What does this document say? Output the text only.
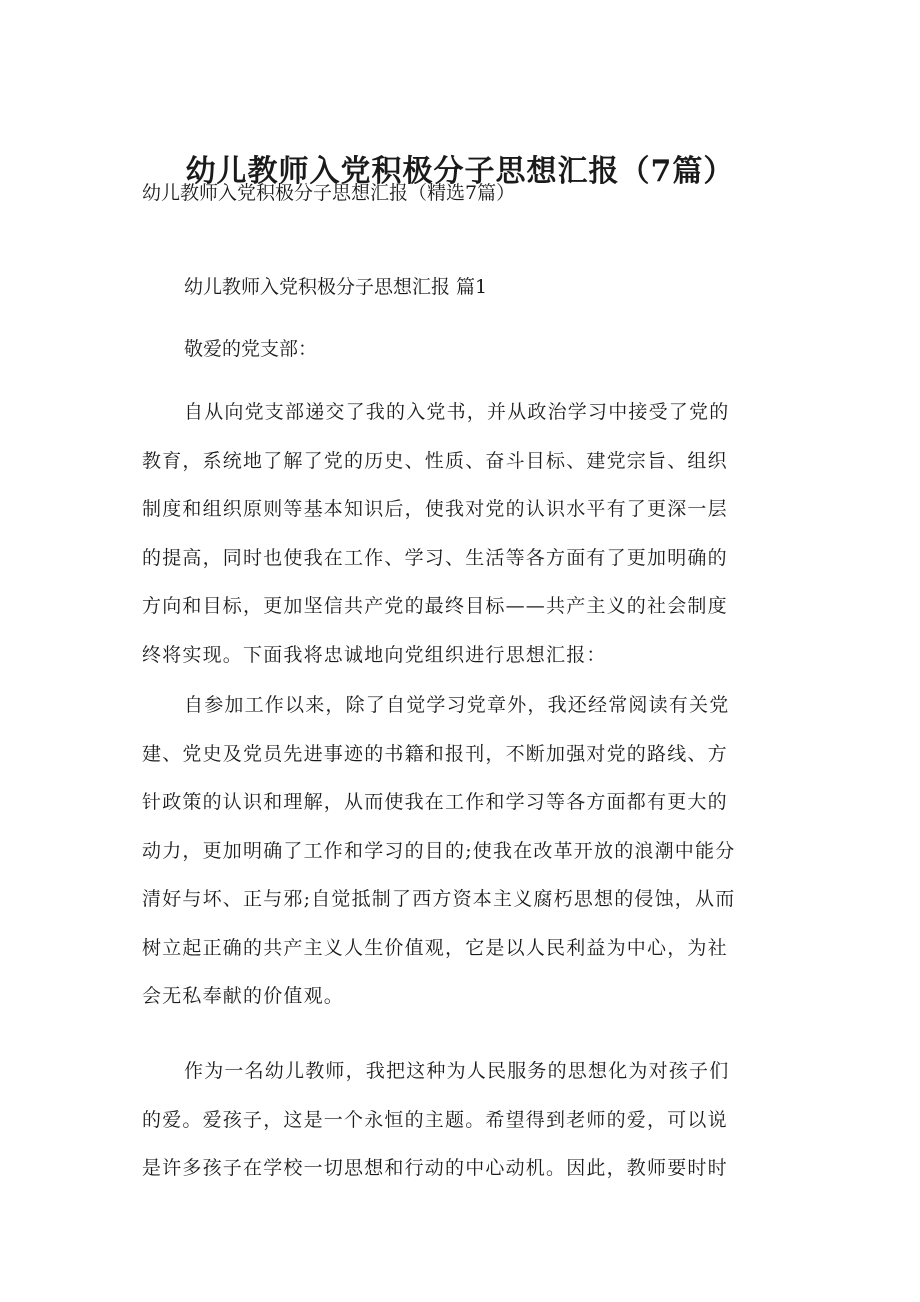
幼儿教师入党积极分子思想汇报（7篇）

幼儿教师入党积极分子思想汇报（精选7篇）

幼儿教师入党积极分子思想汇报 篇1

敬爱的党支部：

自从向党支部递交了我的入党书，并从政治学习中接受了党的
教育，系统地了解了党的历史、性质、奋斗目标、建党宗旨、组织
制度和组织原则等基本知识后，使我对党的认识水平有了更深一层
的提高，同时也使我在工作、学习、生活等各方面有了更加明确的
方向和目标，更加坚信共产党的最终目标——共产主义的社会制度
终将实现。下面我将忠诚地向党组织进行思想汇报：
自参加工作以来，除了自觉学习党章外，我还经常阅读有关党
建、党史及党员先进事迹的书籍和报刊，不断加强对党的路线、方
针政策的认识和理解，从而使我在工作和学习等各方面都有更大的
动力，更加明确了工作和学习的目的;使我在改革开放的浪潮中能分
清好与坏、正与邪;自觉抵制了西方资本主义腐朽思想的侵蚀，从而
树立起正确的共产主义人生价值观，它是以人民利益为中心，为社
会无私奉献的价值观。
作为一名幼儿教师，我把这种为人民服务的思想化为对孩子们
的爱。爱孩子，这是一个永恒的主题。希望得到老师的爱，可以说
是许多孩子在学校一切思想和行动的中心动机。因此，教师要时时
